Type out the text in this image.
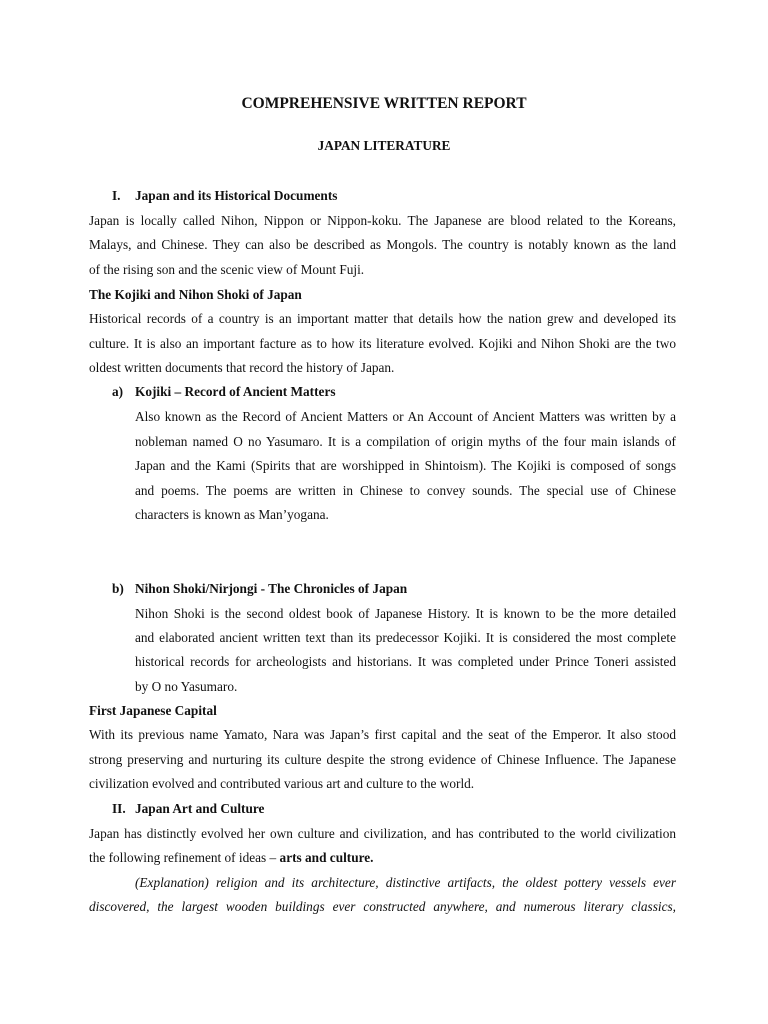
COMPREHENSIVE WRITTEN REPORT
JAPAN LITERATURE
I. Japan and its Historical Documents
Japan is locally called Nihon, Nippon or Nippon-koku. The Japanese are blood related to the Koreans,
Malays, and Chinese. They can also be described as Mongols. The country is notably known as the land
of the rising son and the scenic view of Mount Fuji.
The Kojiki and Nihon Shoki of Japan
Historical records of a country is an important matter that details how the nation grew and developed its
culture. It is also an important facture as to how its literature evolved. Kojiki and Nihon Shoki are the two
oldest written documents that record the history of Japan.
a) Kojiki – Record of Ancient Matters
Also known as the Record of Ancient Matters or An Account of Ancient Matters was written by a
nobleman named O no Yasumaro. It is a compilation of origin myths of the four main islands of
Japan and the Kami (Spirits that are worshipped in Shintoism). The Kojiki is composed of songs
and poems. The poems are written in Chinese to convey sounds. The special use of Chinese
characters is known as Man’yogana.
b) Nihon Shoki/Nirjongi - The Chronicles of Japan
Nihon Shoki is the second oldest book of Japanese History. It is known to be the more detailed
and elaborated ancient written text than its predecessor Kojiki. It is considered the most complete
historical records for archeologists and historians. It was completed under Prince Toneri assisted
by O no Yasumaro.
First Japanese Capital
With its previous name Yamato, Nara was Japan’s first capital and the seat of the Emperor. It also stood
strong preserving and nurturing its culture despite the strong evidence of Chinese Influence. The Japanese
civilization evolved and contributed various art and culture to the world.
II. Japan Art and Culture
Japan has distinctly evolved her own culture and civilization, and has contributed to the world civilization
the following refinement of ideas – arts and culture.
(Explanation) religion and its architecture, distinctive artifacts, the oldest pottery vessels ever
discovered, the largest wooden buildings ever constructed anywhere, and numerous literary classics,
